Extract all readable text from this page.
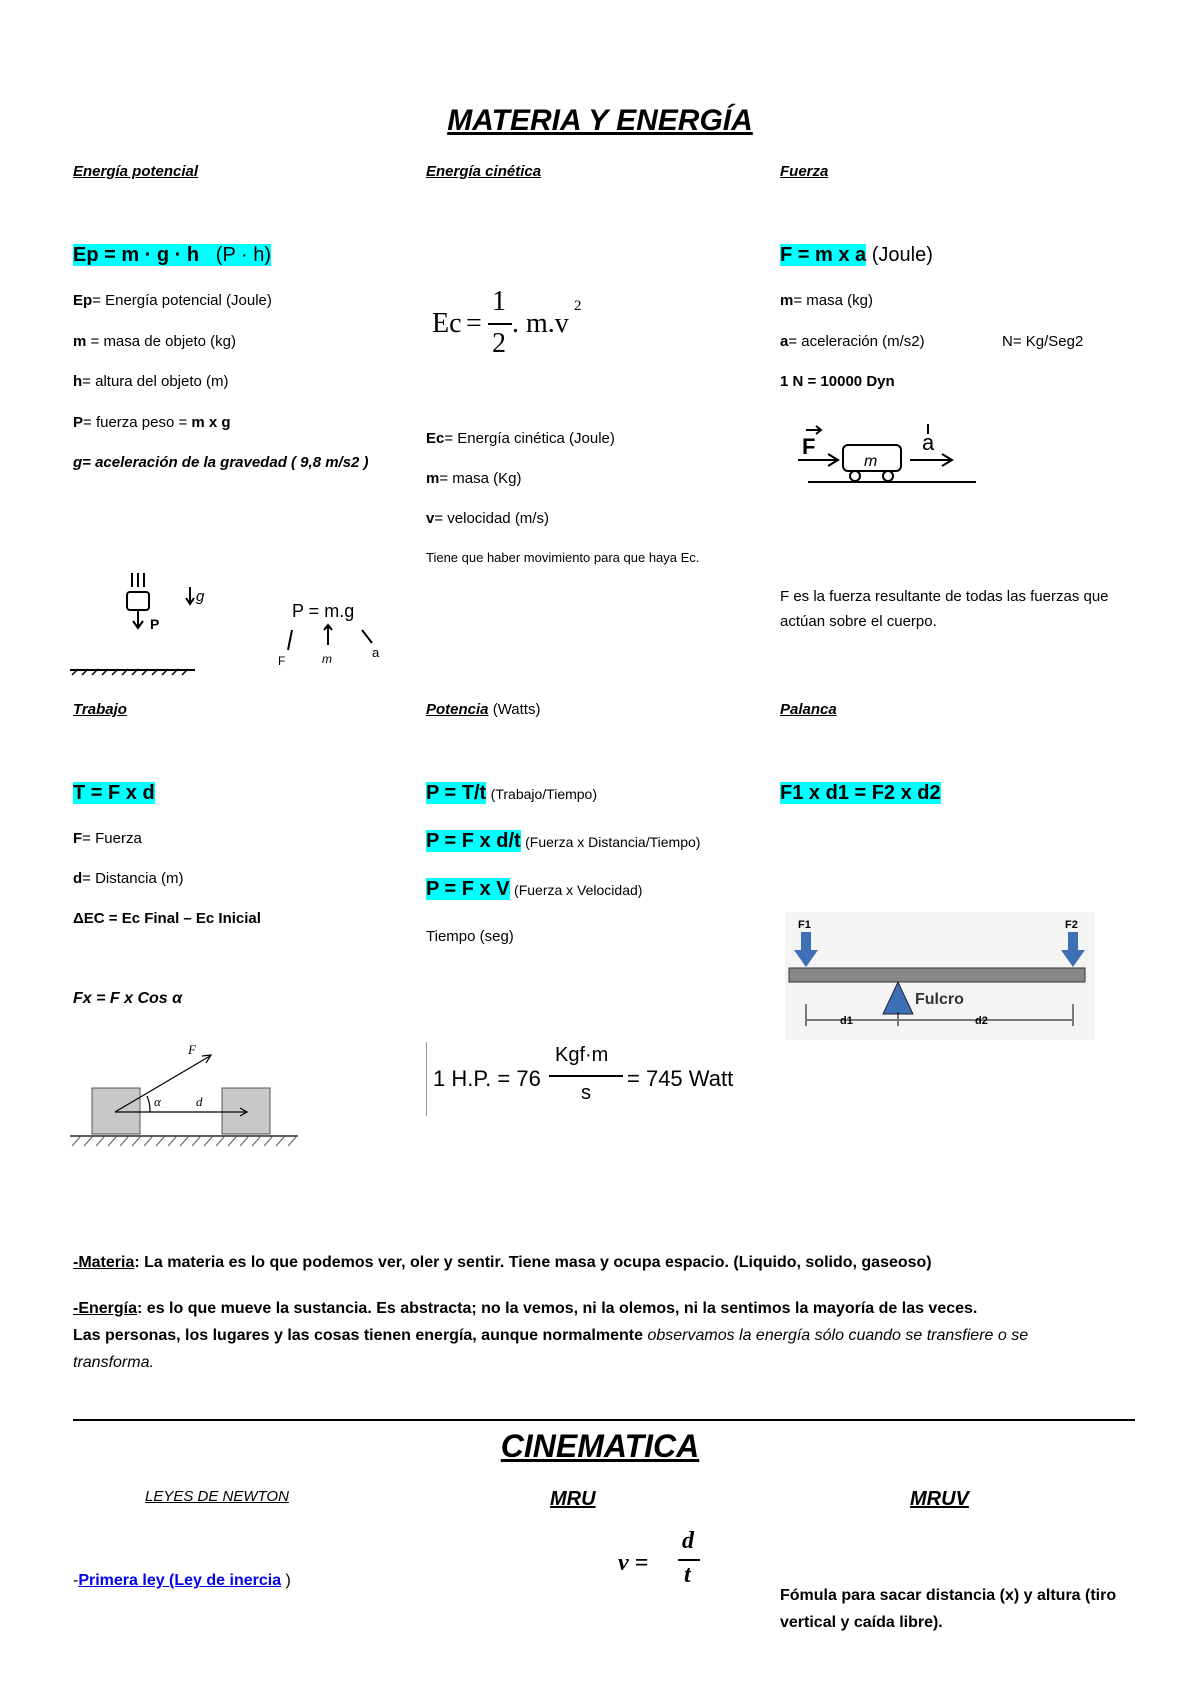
MATERIA Y ENERGÍA
Energía potencial
Ep = m · g · h (P · h)
Ep= Energía potencial (Joule)
m = masa de objeto (kg)
h= altura del objeto (m)
P= fuerza peso = m x g
g= aceleración de la gravedad ( 9,8 m/s2 )
P
g
P = m.g
F	m	a
Energía cinética
Ec =
1
2
. m.v
2
Ec= Energía cinética (Joule)
m= masa (Kg)
v= velocidad (m/s)
Tiene que haber movimiento para que haya Ec.
Fuerza
F = m x a (Joule)
m= masa (kg)
a= aceleración (m/s2)	N= Kg/Seg2
1 N = 10000 Dyn
F
m
a
F es la fuerza resultante de todas las fuerzas que actúan sobre el cuerpo.
Trabajo
T = F x d
F= Fuerza
d= Distancia (m)
ΔEC = Ec Final – Ec Inicial
Fx = F x Cos α
F
α	d
Potencia (Watts)
P = T/t (Trabajo/Tiempo)
P = F x d/t (Fuerza x Distancia/Tiempo)
P = F x V (Fuerza x Velocidad)
Tiempo (seg)
1 H.P. = 76
Kgf·m
s
= 745 Watt
Palanca
F1 x d1 = F2 x d2
F1	F2
Fulcro
d1	d2
-Materia: La materia es lo que podemos ver, oler y sentir. Tiene masa y ocupa espacio. (Liquido, solido, gaseoso)
-Energía: es lo que mueve la sustancia. Es abstracta; no la vemos, ni la olemos, ni la sentimos la mayoría de las veces.
Las personas, los lugares y las cosas tienen energía, aunque normalmente observamos la energía sólo cuando se transfiere o se
transforma.
CINEMATICA
LEYES DE NEWTON	MRU	MRUV
v =
d
t
-Primera ley (Ley de inercia )
Fómula para sacar distancia (x) y altura (tiro vertical y caída libre).
